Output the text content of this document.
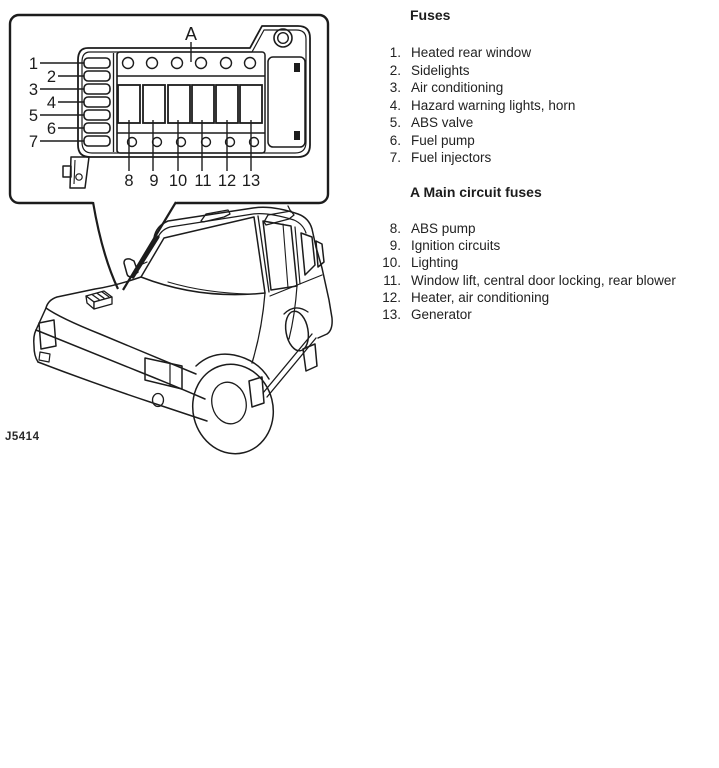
A
1
2
3
4
5
6
7
8 9 10 11 12 13
J5414
Fuses
1. Heated rear window
2. Sidelights
3. Air conditioning
4. Hazard warning lights, horn
5. ABS valve
6. Fuel pump
7. Fuel injectors
A Main circuit fuses
8. ABS pump
9. Ignition circuits
10. Lighting
11. Window lift, central door locking, rear blower
12. Heater, air conditioning
13. Generator
